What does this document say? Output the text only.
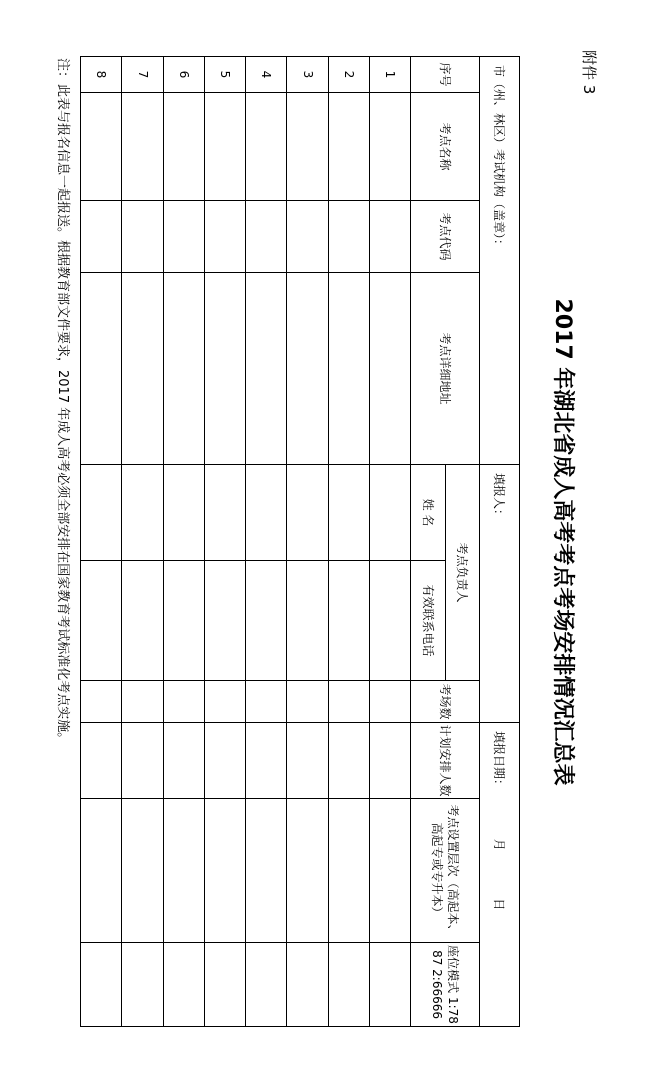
附件 3
2017 年湖北省成人高考考点考场安排情况汇总表
市（州、林区）考试机构（盖章）：				填报人：			填报日期：  月  日		
序号	考点名称	考点代码	考点详细地址	考点负责人		考场数	计划安排人数	考点设置层次（高起本、高起专或专升本）	座位模式 1:7887 2:66666
				姓 名	有效联系电话				
1									
2									
3									
4									
5									
6									
7									
8									
注：此表与报名信息一起报送。根据教育部文件要求，2017 年成人高考必须全部安排在国家教育考试标准化考点实施。
